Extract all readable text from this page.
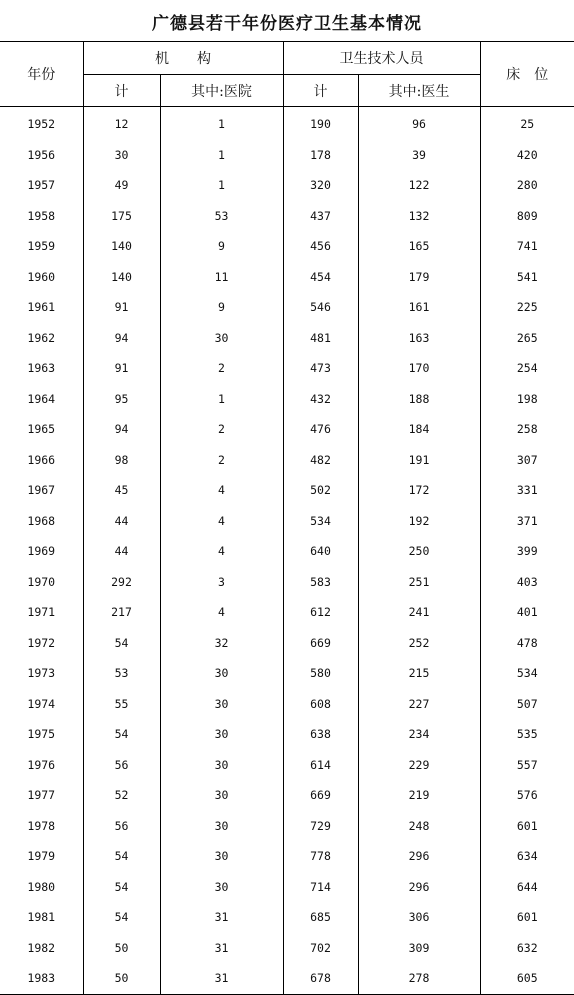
广德县若干年份医疗卫生基本情况
年份	机　　构		卫生技术人员		床　位
	计	其中:医院	计	其中:医生	
1952	12	1	190	96	25
1956	30	1	178	39	420
1957	49	1	320	122	280
1958	175	53	437	132	809
1959	140	9	456	165	741
1960	140	11	454	179	541
1961	91	9	546	161	225
1962	94	30	481	163	265
1963	91	2	473	170	254
1964	95	1	432	188	198
1965	94	2	476	184	258
1966	98	2	482	191	307
1967	45	4	502	172	331
1968	44	4	534	192	371
1969	44	4	640	250	399
1970	292	3	583	251	403
1971	217	4	612	241	401
1972	54	32	669	252	478
1973	53	30	580	215	534
1974	55	30	608	227	507
1975	54	30	638	234	535
1976	56	30	614	229	557
1977	52	30	669	219	576
1978	56	30	729	248	601
1979	54	30	778	296	634
1980	54	30	714	296	644
1981	54	31	685	306	601
1982	50	31	702	309	632
1983	50	31	678	278	605
